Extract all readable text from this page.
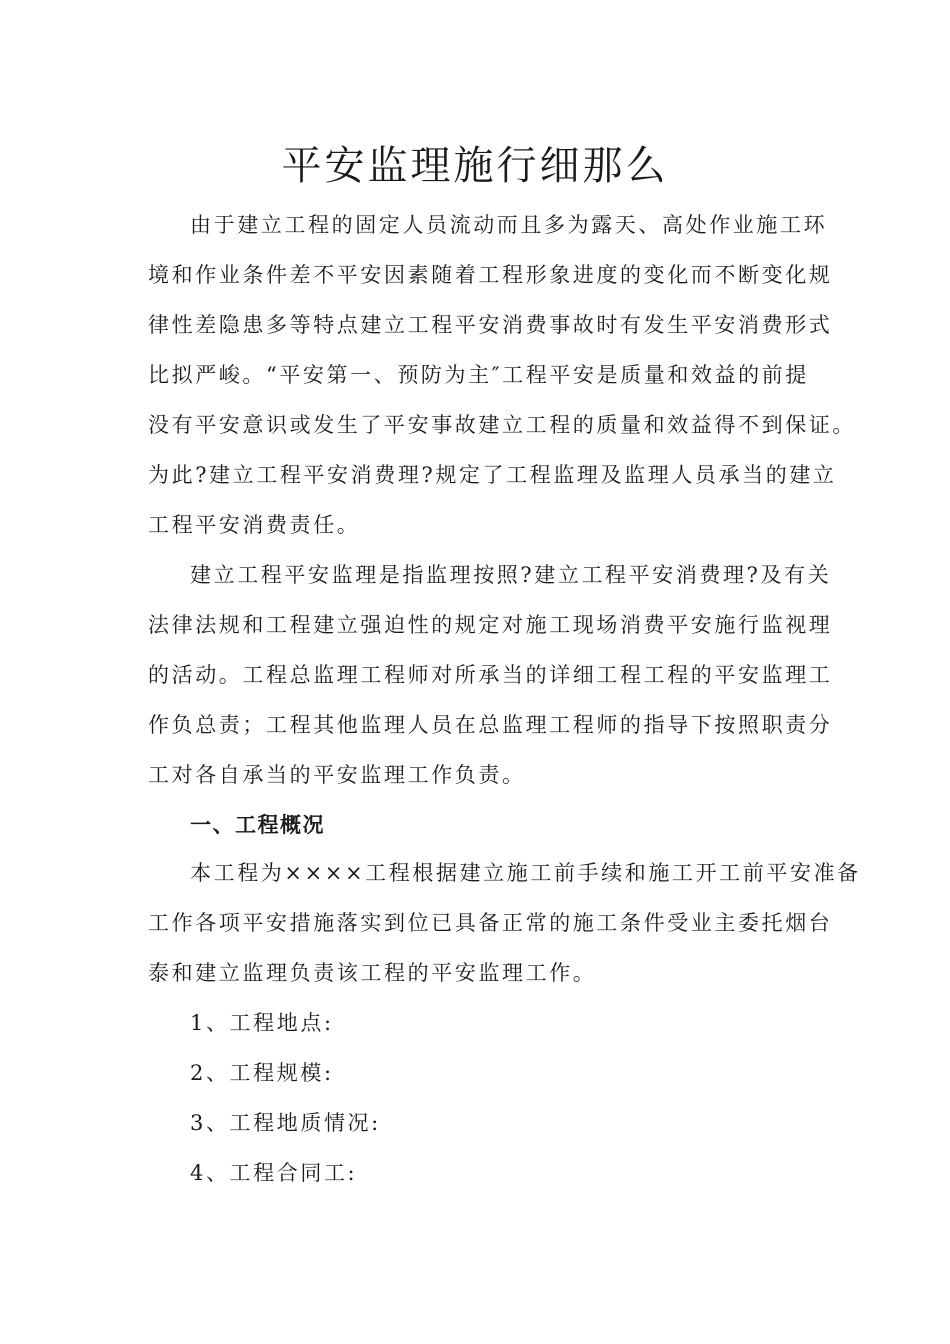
平安监理施行细那么
由于建立工程的固定人员流动而且多为露天、高处作业施工环
境和作业条件差不平安因素随着工程形象进度的变化而不断变化规
律性差隐患多等特点建立工程平安消费事故时有发生平安消费形式
比拟严峻。“平安第一、预防为主″工程平安是质量和效益的前提
没有平安意识或发生了平安事故建立工程的质量和效益得不到保证。
为此?建立工程平安消费理?规定了工程监理及监理人员承当的建立
工程平安消费责任。
建立工程平安监理是指监理按照?建立工程平安消费理?及有关
法律法规和工程建立强迫性的规定对施工现场消费平安施行监视理
的活动。工程总监理工程师对所承当的详细工程工程的平安监理工
作负总责；工程其他监理人员在总监理工程师的指导下按照职责分
工对各自承当的平安监理工作负责。
一、工程概况
本工程为××××工程根据建立施工前手续和施工开工前平安准备
工作各项平安措施落实到位已具备正常的施工条件受业主委托烟台
泰和建立监理负责该工程的平安监理工作。
1、工程地点:
2、工程规模:
3、工程地质情况:
4、工程合同工:
